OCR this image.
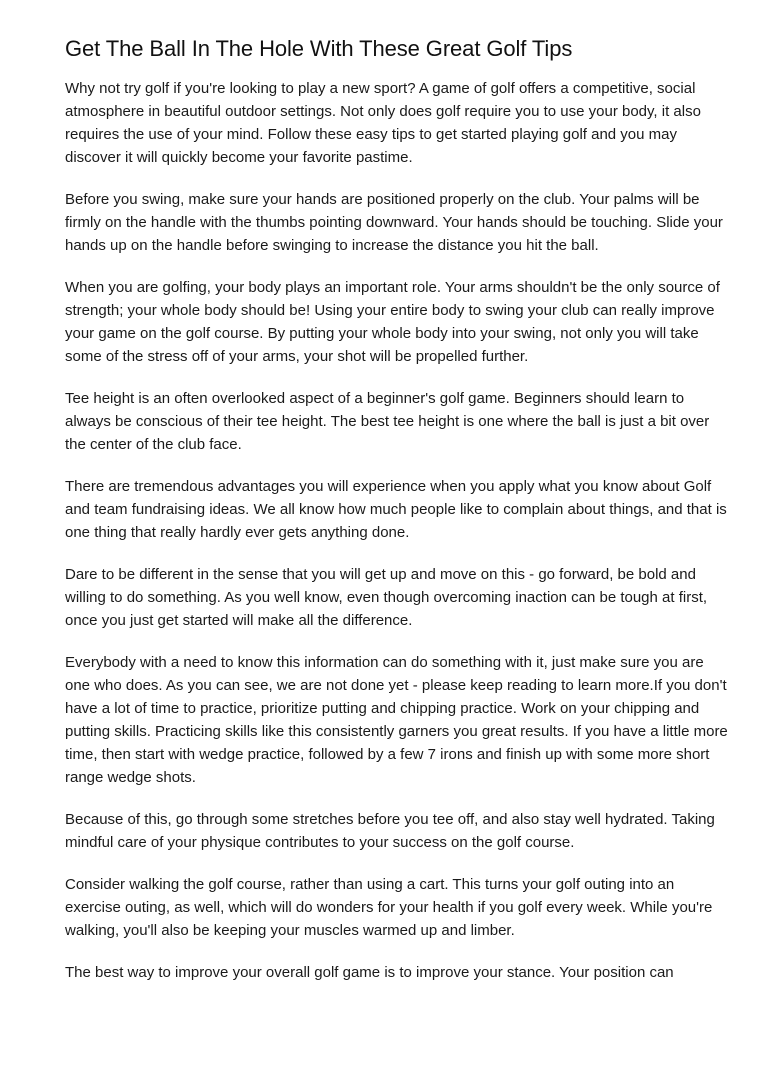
Get The Ball In The Hole With These Great Golf Tips

Why not try golf if you're looking to play a new sport? A game of golf offers a competitive, social atmosphere in beautiful outdoor settings. Not only does golf require you to use your body, it also requires the use of your mind. Follow these easy tips to get started playing golf and you may discover it will quickly become your favorite pastime.

Before you swing, make sure your hands are positioned properly on the club. Your palms will be firmly on the handle with the thumbs pointing downward. Your hands should be touching. Slide your hands up on the handle before swinging to increase the distance you hit the ball.

When you are golfing, your body plays an important role. Your arms shouldn't be the only source of strength; your whole body should be! Using your entire body to swing your club can really improve your game on the golf course. By putting your whole body into your swing, not only you will take some of the stress off of your arms, your shot will be propelled further.

Tee height is an often overlooked aspect of a beginner's golf game. Beginners should learn to always be conscious of their tee height. The best tee height is one where the ball is just a bit over the center of the club face.

There are tremendous advantages you will experience when you apply what you know about Golf and team fundraising ideas. We all know how much people like to complain about things, and that is one thing that really hardly ever gets anything done.

Dare to be different in the sense that you will get up and move on this - go forward, be bold and willing to do something. As you well know, even though overcoming inaction can be tough at first, once you just get started will make all the difference.

Everybody with a need to know this information can do something with it, just make sure you are one who does. As you can see, we are not done yet - please keep reading to learn more.If you don't have a lot of time to practice, prioritize putting and chipping practice. Work on your chipping and putting skills. Practicing skills like this consistently garners you great results. If you have a little more time, then start with wedge practice, followed by a few 7 irons and finish up with some more short range wedge shots.

Because of this, go through some stretches before you tee off, and also stay well hydrated. Taking mindful care of your physique contributes to your success on the golf course.

Consider walking the golf course, rather than using a cart. This turns your golf outing into an exercise outing, as well, which will do wonders for your health if you golf every week. While you're walking, you'll also be keeping your muscles warmed up and limber.

The best way to improve your overall golf game is to improve your stance. Your position can
